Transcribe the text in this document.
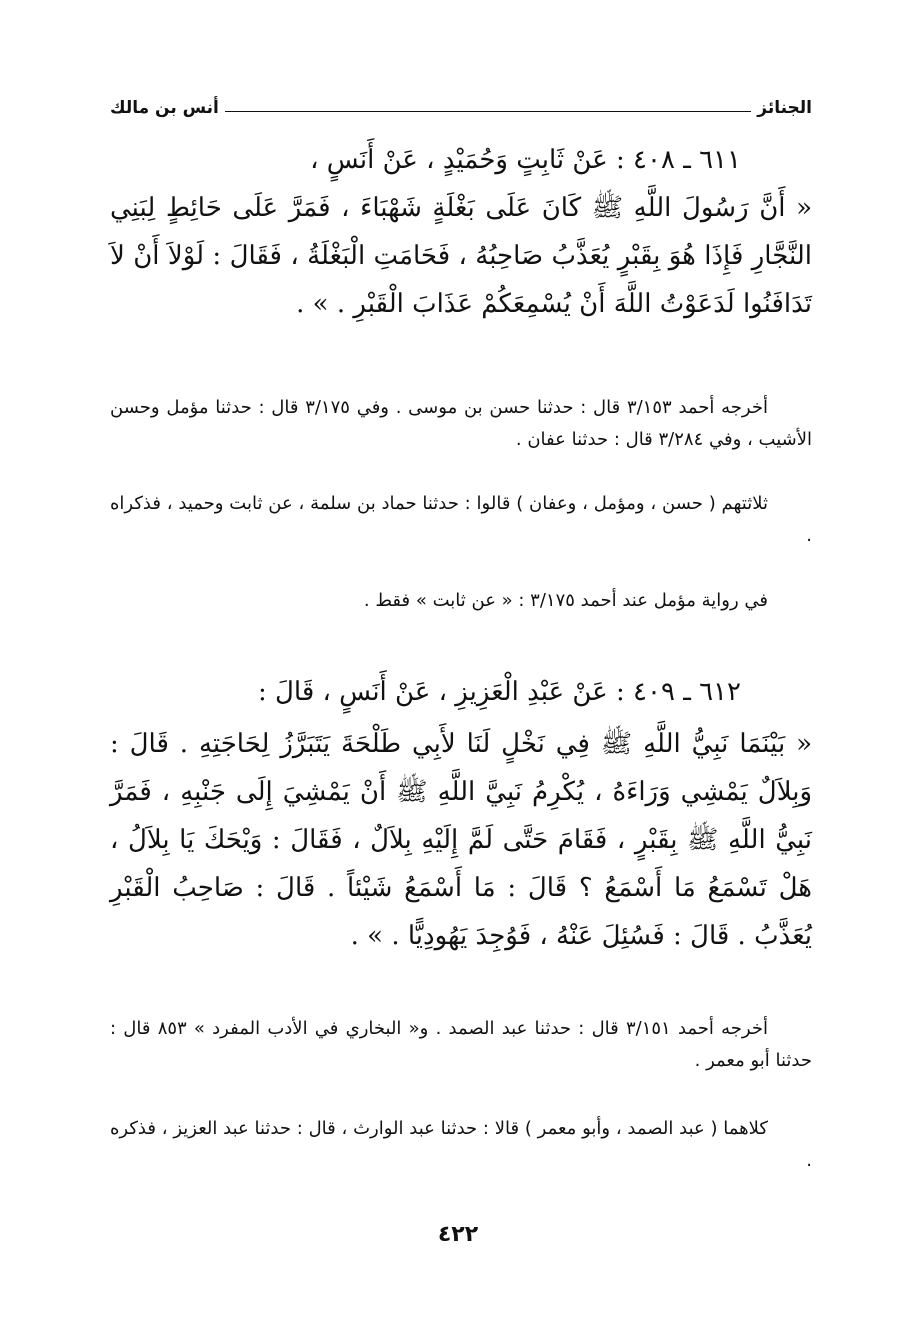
الجنائز
أنس بن مالك
٦١١ ـ ٤٠٨ : عَنْ ثَابِتٍ وَحُمَيْدٍ ، عَنْ أَنَسٍ ،
« أَنَّ رَسُولَ اللَّهِ ﷺ كَانَ عَلَى بَغْلَةٍ شَهْبَاءَ ، فَمَرَّ عَلَى حَائِطٍ لِبَنِي النَّجَّارِ فَإِذَا هُوَ بِقَبْرٍ يُعَذَّبُ صَاحِبُهُ ، فَحَامَتِ الْبَغْلَةُ ، فَقَالَ : لَوْلاَ أَنْ لاَ تَدَافَنُوا لَدَعَوْتُ اللَّهَ أَنْ يُسْمِعَكُمْ عَذَابَ الْقَبْرِ . » .
أخرجه أحمد ٣/١٥٣ قال : حدثنا حسن بن موسى . وفي ٣/١٧٥ قال : حدثنا مؤمل وحسن الأشيب ، وفي ٣/٢٨٤ قال : حدثنا عفان .
ثلاثتهم ( حسن ، ومؤمل ، وعفان ) قالوا : حدثنا حماد بن سلمة ، عن ثابت وحميد ، فذكراه .
في رواية مؤمل عند أحمد ٣/١٧٥ : « عن ثابت » فقط .
٦١٢ ـ ٤٠٩ : عَنْ عَبْدِ الْعَزِيزِ ، عَنْ أَنَسٍ ، قَالَ :
« بَيْنَمَا نَبِيُّ اللَّهِ ﷺ فِي نَخْلٍ لَنَا لأَبِي طَلْحَةَ يَتَبَرَّزُ لِحَاجَتِهِ . قَالَ : وَبِلاَلٌ يَمْشِي وَرَاءَهُ ، يُكْرِمُ نَبِيَّ اللَّهِ ﷺ أَنْ يَمْشِيَ إِلَى جَنْبِهِ ، فَمَرَّ نَبِيُّ اللَّهِ ﷺ بِقَبْرٍ ، فَقَامَ حَتَّى لَمَّ إِلَيْهِ بِلاَلٌ ، فَقَالَ : وَيْحَكَ يَا بِلاَلُ ، هَلْ تَسْمَعُ مَا أَسْمَعُ ؟ قَالَ : مَا أَسْمَعُ شَيْئاً . قَالَ : صَاحِبُ الْقَبْرِ يُعَذَّبُ . قَالَ : فَسُئِلَ عَنْهُ ، فَوُجِدَ يَهُودِيًّا . » .
أخرجه أحمد ٣/١٥١ قال : حدثنا عبد الصمد . و« البخاري في الأدب المفرد » ٨٥٣ قال : حدثنا أبو معمر .
كلاهما ( عبد الصمد ، وأبو معمر ) قالا : حدثنا عبد الوارث ، قال : حدثنا عبد العزيز ، فذكره .
٤٢٢
